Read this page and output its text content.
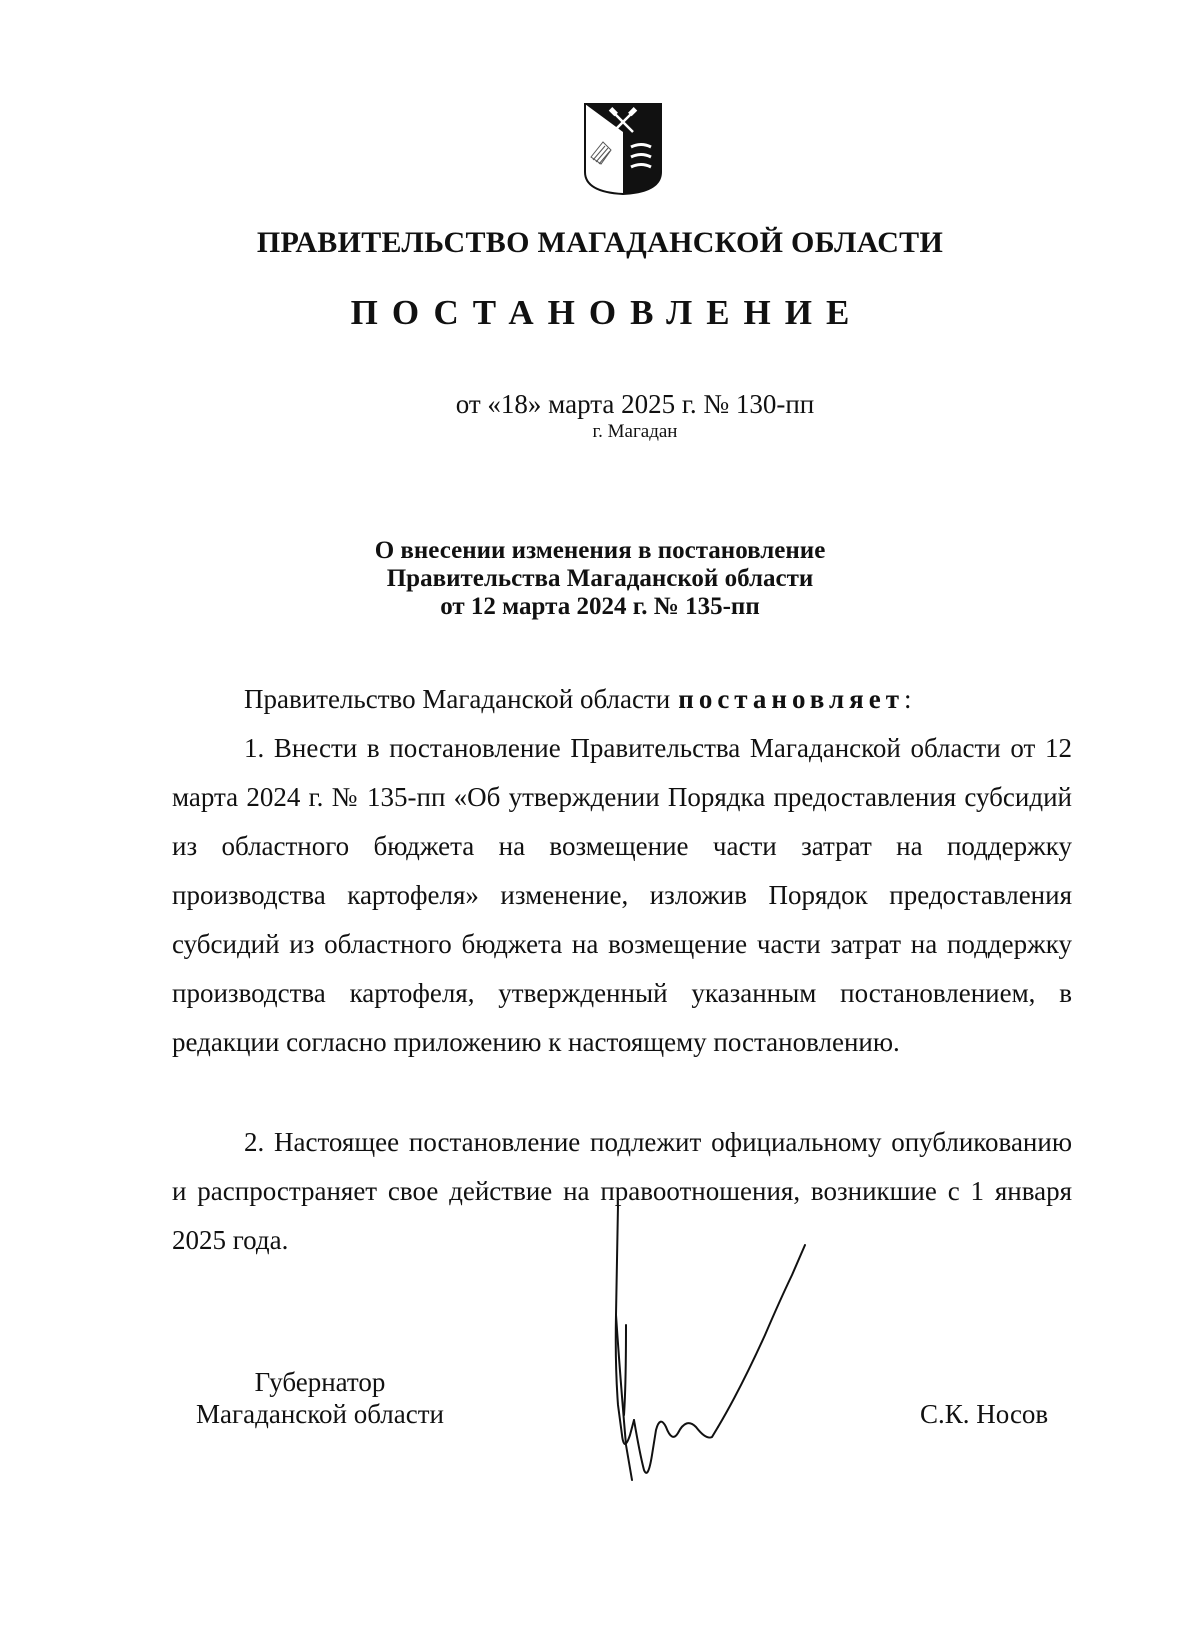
ПРАВИТЕЛЬСТВО МАГАДАНСКОЙ ОБЛАСТИ
ПОСТАНОВЛЕНИЕ
от «18» марта 2025 г. № 130-пп
г. Магадан
О внесении изменения в постановление
Правительства Магаданской области
от 12 марта 2024 г. № 135-пп
Правительство Магаданской области постановляет:
1. Внести в постановление Правительства Магаданской области от 12 марта 2024 г. № 135-пп «Об утверждении Порядка предоставления субсидий из областного бюджета на возмещение части затрат на поддержку производства картофеля» изменение, изложив Порядок предоставления субсидий из областного бюджета на возмещение части затрат на поддержку производства картофеля, утвержденный указанным постановлением, в редакции согласно приложению к настоящему постановлению.
2. Настоящее постановление подлежит официальному опубликованию и распространяет свое действие на правоотношения, возникшие с 1 января 2025 года.
Губернатор
Магаданской области	С.К. Носов
